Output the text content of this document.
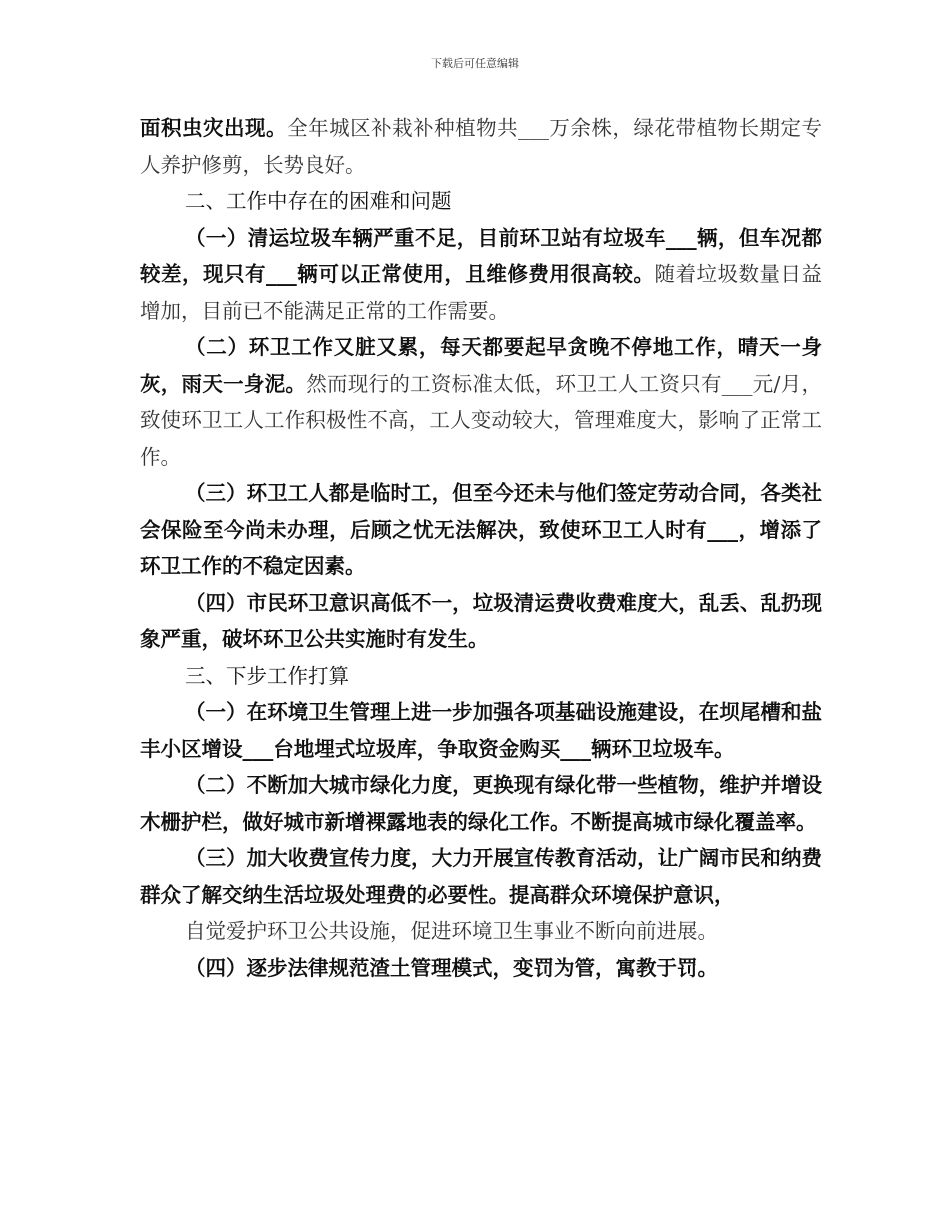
下载后可任意编辑

面积虫灾出现。全年城区补栽补种植物共___万余株，绿花带植物长期定专人养护修剪，长势良好。

二、工作中存在的困难和问题

（一）清运垃圾车辆严重不足，目前环卫站有垃圾车___辆，但车况都较差，现只有___辆可以正常使用，且维修费用很高较。随着垃圾数量日益增加，目前已不能满足正常的工作需要。

（二）环卫工作又脏又累，每天都要起早贪晚不停地工作，晴天一身灰，雨天一身泥。然而现行的工资标准太低，环卫工人工资只有___元/月，致使环卫工人工作积极性不高，工人变动较大，管理难度大，影响了正常工作。

（三）环卫工人都是临时工，但至今还未与他们签定劳动合同，各类社会保险至今尚未办理，后顾之忧无法解决，致使环卫工人时有___，增添了环卫工作的不稳定因素。

（四）市民环卫意识高低不一，垃圾清运费收费难度大，乱丢、乱扔现象严重，破坏环卫公共实施时有发生。

三、下步工作打算

（一）在环境卫生管理上进一步加强各项基础设施建设，在坝尾槽和盐丰小区增设___台地埋式垃圾库，争取资金购买___辆环卫垃圾车。

（二）不断加大城市绿化力度，更换现有绿化带一些植物，维护并增设木栅护栏，做好城市新增裸露地表的绿化工作。不断提高城市绿化覆盖率。

（三）加大收费宣传力度，大力开展宣传教育活动，让广阔市民和纳费群众了解交纳生活垃圾处理费的必要性。提高群众环境保护意识，

自觉爱护环卫公共设施，促进环境卫生事业不断向前进展。

（四）逐步法律规范渣土管理模式，变罚为管，寓教于罚。
